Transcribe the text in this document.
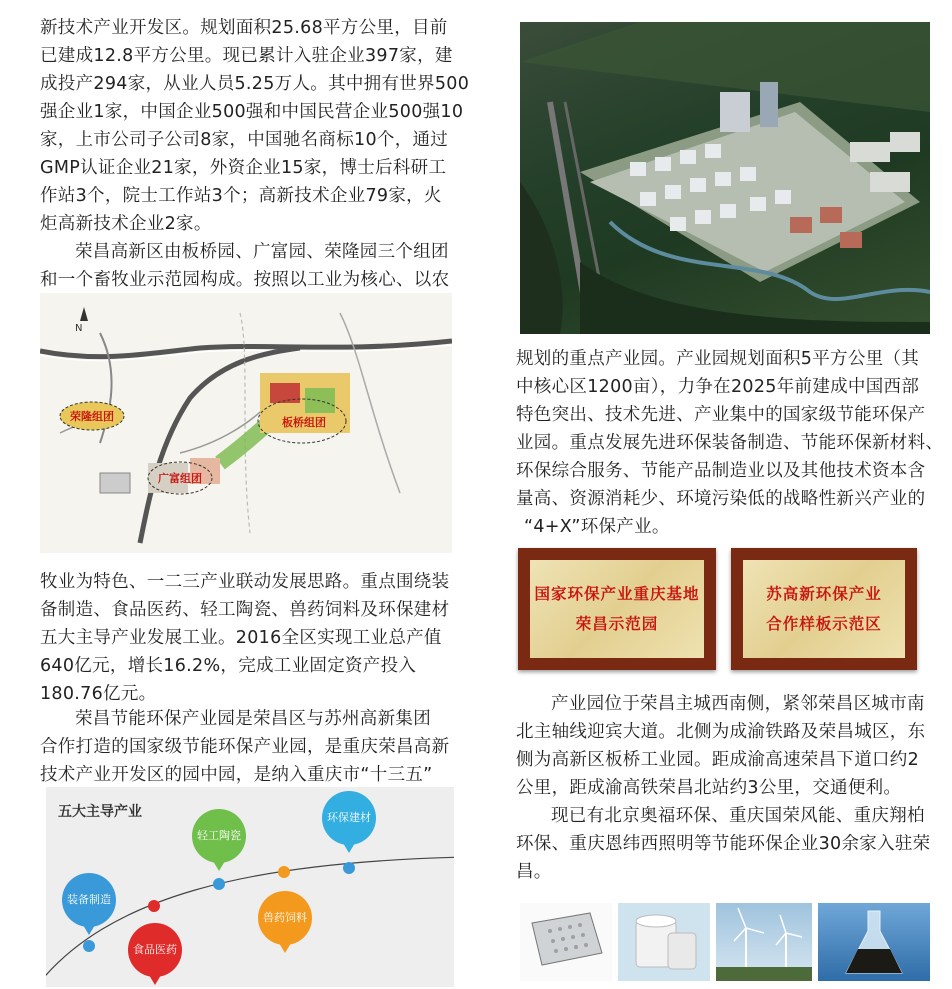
新技术产业开发区。规划面积25.68平方公里，目前

已建成12.8平方公里。现已累计入驻企业397家，建

成投产294家，从业人员5.25万人。其中拥有世界500

强企业1家，中国企业500强和中国民营企业500强10

家，上市公司子公司8家，中国驰名商标10个，通过

GMP认证企业21家，外资企业15家，博士后科研工

作站3个，院士工作站3个；高新技术企业79家，火

炬高新技术企业2家。

荣昌高新区由板桥园、广富园、荣隆园三个组团

和一个畜牧业示范园构成。按照以工业为核心、以农

N
荣隆组团	板桥组团
广富组团

牧业为特色、一二三产业联动发展思路。重点围绕装

备制造、食品医药、轻工陶瓷、兽药饲料及环保建材

五大主导产业发展工业。2016全区实现工业总产值

640亿元，增长16.2%，完成工业固定资产投入

180.76亿元。

荣昌节能环保产业园是荣昌区与苏州高新集团

合作打造的国家级节能环保产业园，是重庆荣昌高新

技术产业开发区的园中园，是纳入重庆市“十三五”

五大主导产业
装备制造
食品医药
轻工陶瓷
兽药饲料
环保建材

规划的重点产业园。产业园规划面积5平方公里（其

中核心区1200亩），力争在2025年前建成中国西部

特色突出、技术先进、产业集中的国家级节能环保产

业园。重点发展先进环保装备制造、节能环保新材料、

环保综合服务、节能产品制造业以及其他技术资本含

量高、资源消耗少、环境污染低的战略性新兴产业的

“4+X”环保产业。

国家环保产业重庆基地
荣昌示范园
苏高新环保产业
合作样板示范区

产业园位于荣昌主城西南侧，紧邻荣昌区城市南

北主轴线迎宾大道。北侧为成渝铁路及荣昌城区，东

侧为高新区板桥工业园。距成渝高速荣昌下道口约2

公里，距成渝高铁荣昌北站约3公里，交通便利。

现已有北京奥福环保、重庆国荣风能、重庆翔柏

环保、重庆恩纬西照明等节能环保企业30余家入驻荣

昌。
